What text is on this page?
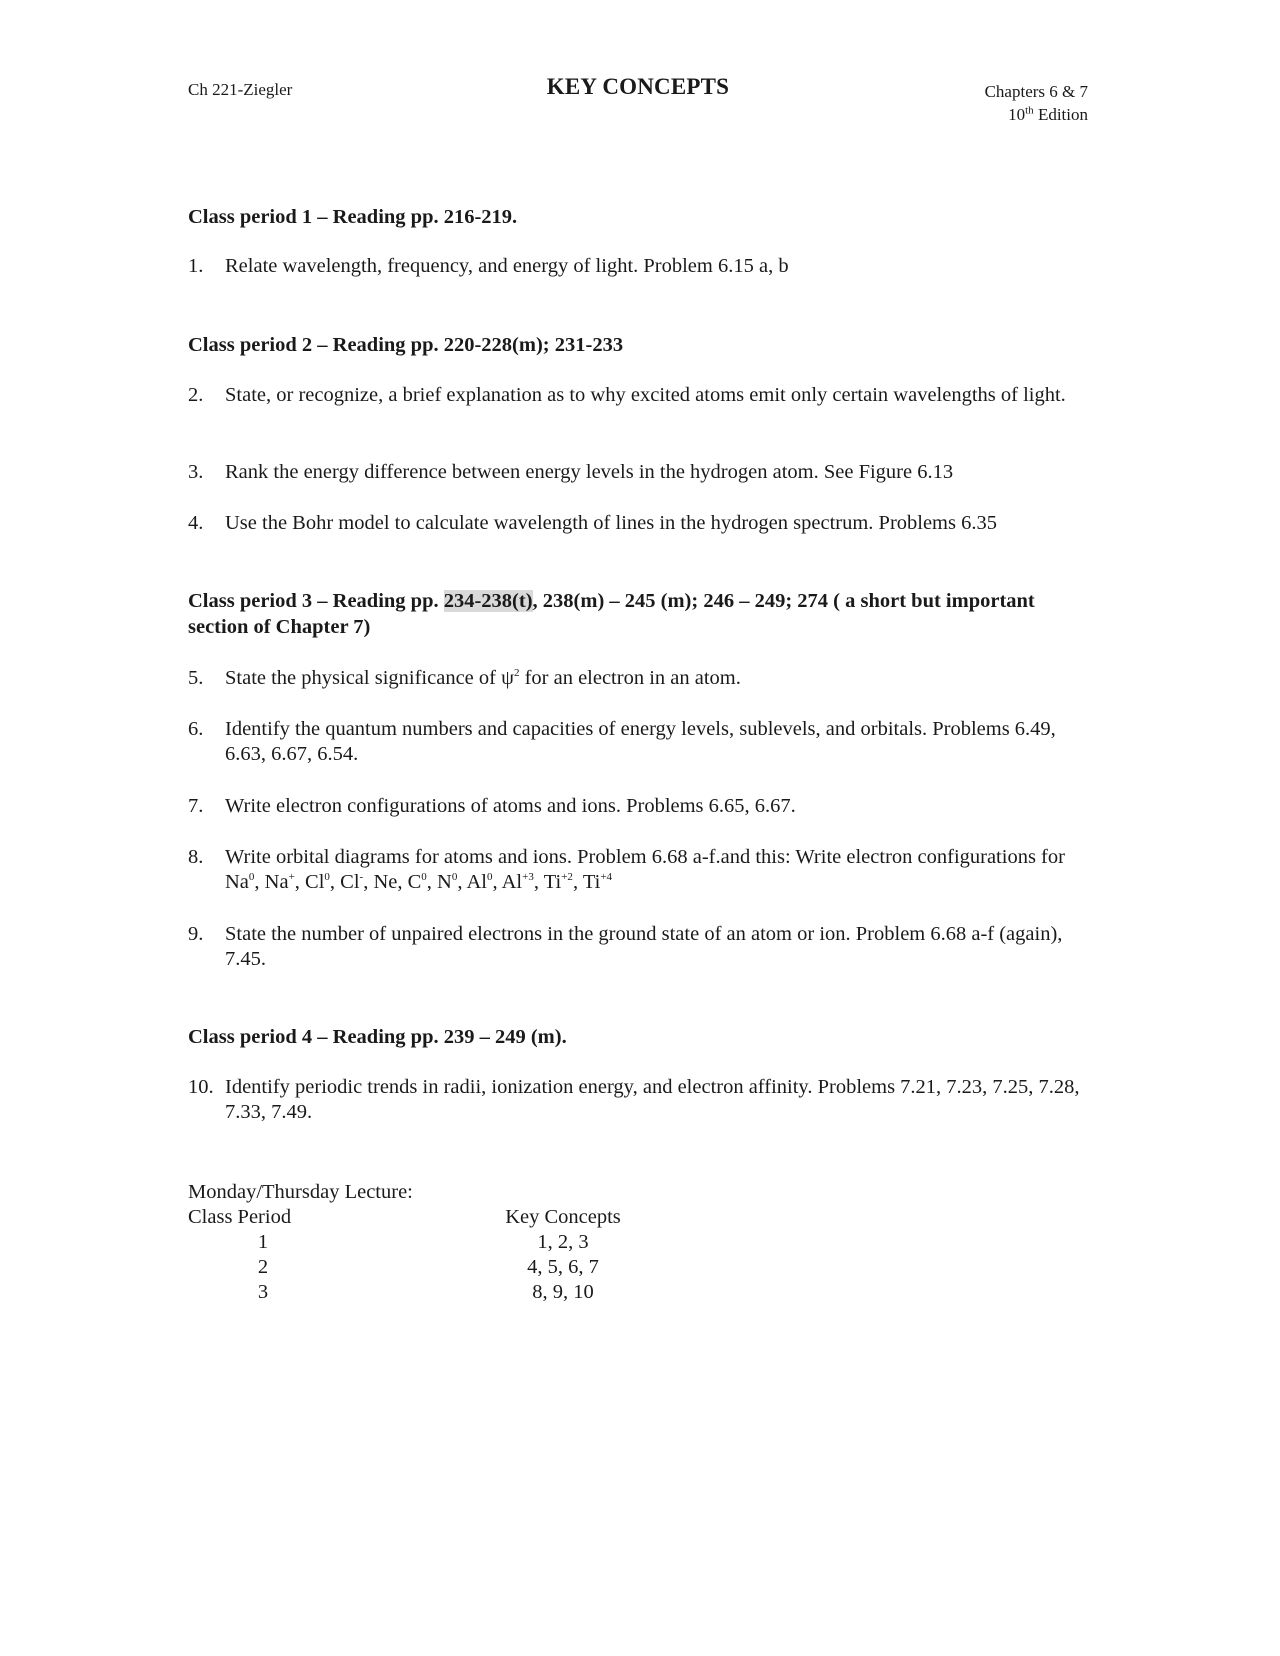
Ch 221-Ziegler	KEY CONCEPTS	Chapters 6 & 7
10th Edition
Class period 1 – Reading pp. 216-219.
1.	Relate wavelength, frequency, and energy of light. Problem 6.15 a, b
Class period 2 – Reading pp. 220-228(m); 231-233
2.	State, or recognize, a brief explanation as to why excited atoms emit only certain wavelengths of light.
3.	Rank the energy difference between energy levels in the hydrogen atom. See Figure 6.13
4.	Use the Bohr model to calculate wavelength of lines in the hydrogen spectrum. Problems 6.35
Class period 3 – Reading pp. 234-238(t), 238(m) – 245 (m); 246 – 249; 274 ( a short but important section of Chapter 7)
5.	State the physical significance of $\psi^2$ for an electron in an atom.
6.	Identify the quantum numbers and capacities of energy levels, sublevels, and orbitals. Problems 6.49, 6.63, 6.67, 6.54.
7.	Write electron configurations of atoms and ions. Problems 6.65, 6.67.
8.	Write orbital diagrams for atoms and ions. Problem 6.68 a-f.and this: Write electron configurations for Na$^0$, Na+, Cl$^0$, Cl-, Ne, $C^0$, $N^0$, Al$^0$, $Al^{+3}$, $Ti^{+2}$, $Ti^{+4}$
9.	State the number of unpaired electrons in the ground state of an atom or ion. Problem 6.68 a-f (again), 7.45.
Class period 4 – Reading pp. 239 – 249 (m).
10. Identify periodic trends in radii, ionization energy, and electron affinity. Problems 7.21, 7.23, 7.25, 7.28, 7.33, 7.49.
Monday/Thursday Lecture:
Class Period	Key Concepts
1	1, 2, 3
2	4, 5, 6, 7
3	8, 9, 10
